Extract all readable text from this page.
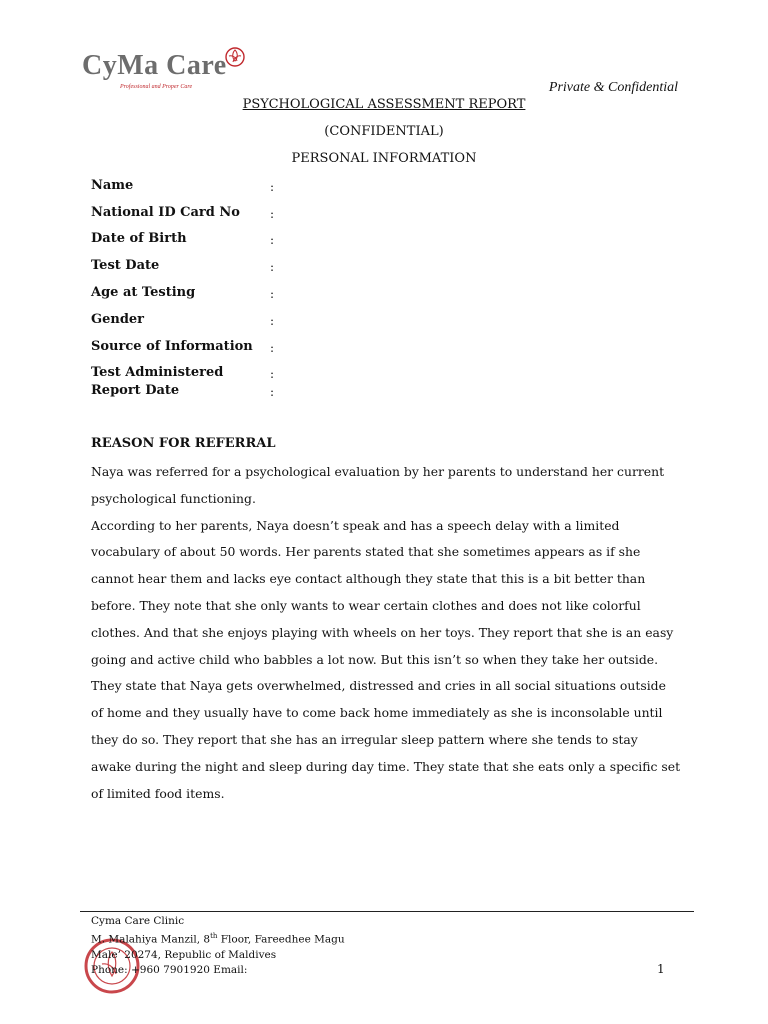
CyMa Care
Professional and Proper Care	Private & Confidential
PSYCHOLOGICAL ASSESSMENT REPORT
(CONFIDENTIAL)
PERSONAL INFORMATION
Name	:
National ID Card No	:
Date of Birth	:
Test Date	:
Age at Testing	:
Gender	:
Source of Information :
Test Administered	:
Report Date	:
REASON FOR REFERRAL

Naya was referred for a psychological evaluation by her parents to understand her current psychological functioning.

According to her parents, Naya doesn’t speak and has a speech delay with a limited vocabulary of about 50 words. Her parents stated that she sometimes appears as if she cannot hear them and lacks eye contact although they state that this is a bit better than before. They note that she only wants to wear certain clothes and does not like colorful clothes. And that she enjoys playing with wheels on her toys. They report that she is an easy going and active child who babbles a lot now. But this isn’t so when they take her outside. They state that Naya gets overwhelmed, distressed and cries in all social situations outside of home and they usually have to come back home immediately as she is inconsolable until they do so. They report that she has an irregular sleep pattern where she tends to stay awake during the night and sleep during day time. They state that she eats only a specific set of limited food items.

Cyma Care Clinic
M. Malahiya Manzil, 8th Floor, Fareedhee Magu
Male’ 20274, Republic of Maldives
Phone: +960 7901920 Email:	1
